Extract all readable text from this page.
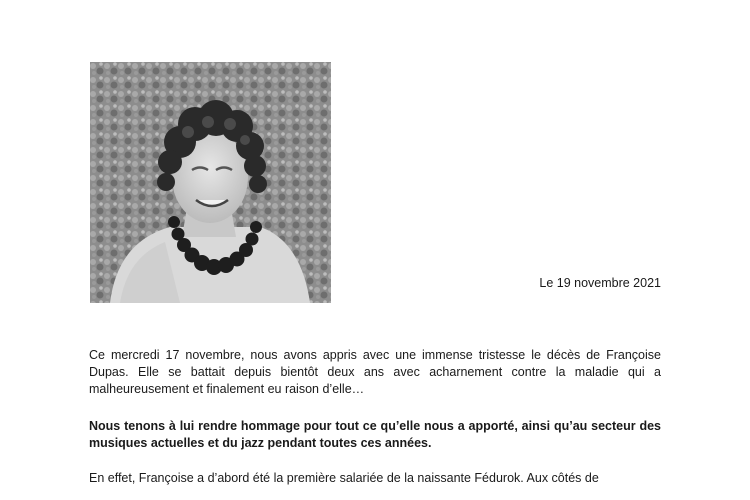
Le 19 novembre 2021

Ce mercredi 17 novembre, nous avons appris avec une immense tristesse le décès de Françoise Dupas. Elle se battait depuis bientôt deux ans avec acharnement contre la maladie qui a malheureusement et finalement eu raison d’elle…

Nous tenons à lui rendre hommage pour tout ce qu’elle nous a apporté, ainsi qu’au secteur des musiques actuelles et du jazz pendant toutes ces années.

En effet, Françoise a d’abord été la première salariée de la naissante Fédurok. Aux côtés de
